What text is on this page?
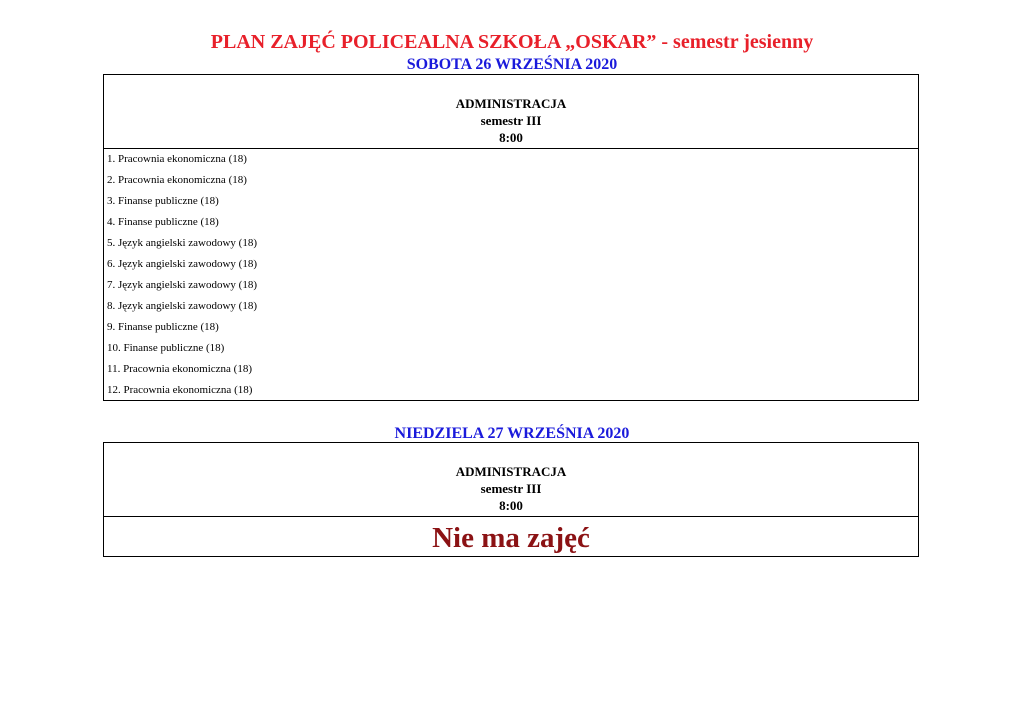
PLAN ZAJĘĆ POLICEALNA SZKOŁA „OSKAR” - semestr jesienny
SOBOTA 26 WRZEŚNIA 2020
ADMINISTRACJA
semestr III
8:00
1. Pracownia ekonomiczna (18)
2. Pracownia ekonomiczna (18)
3. Finanse publiczne (18)
4. Finanse publiczne (18)
5. Język angielski zawodowy (18)
6. Język angielski zawodowy (18)
7. Język angielski zawodowy (18)
8. Język angielski zawodowy (18)
9. Finanse publiczne (18)
10. Finanse publiczne (18)
11. Pracownia ekonomiczna (18)
12. Pracownia ekonomiczna (18)
NIEDZIELA 27 WRZEŚNIA 2020
ADMINISTRACJA
semestr III
8:00
Nie ma zajęć
